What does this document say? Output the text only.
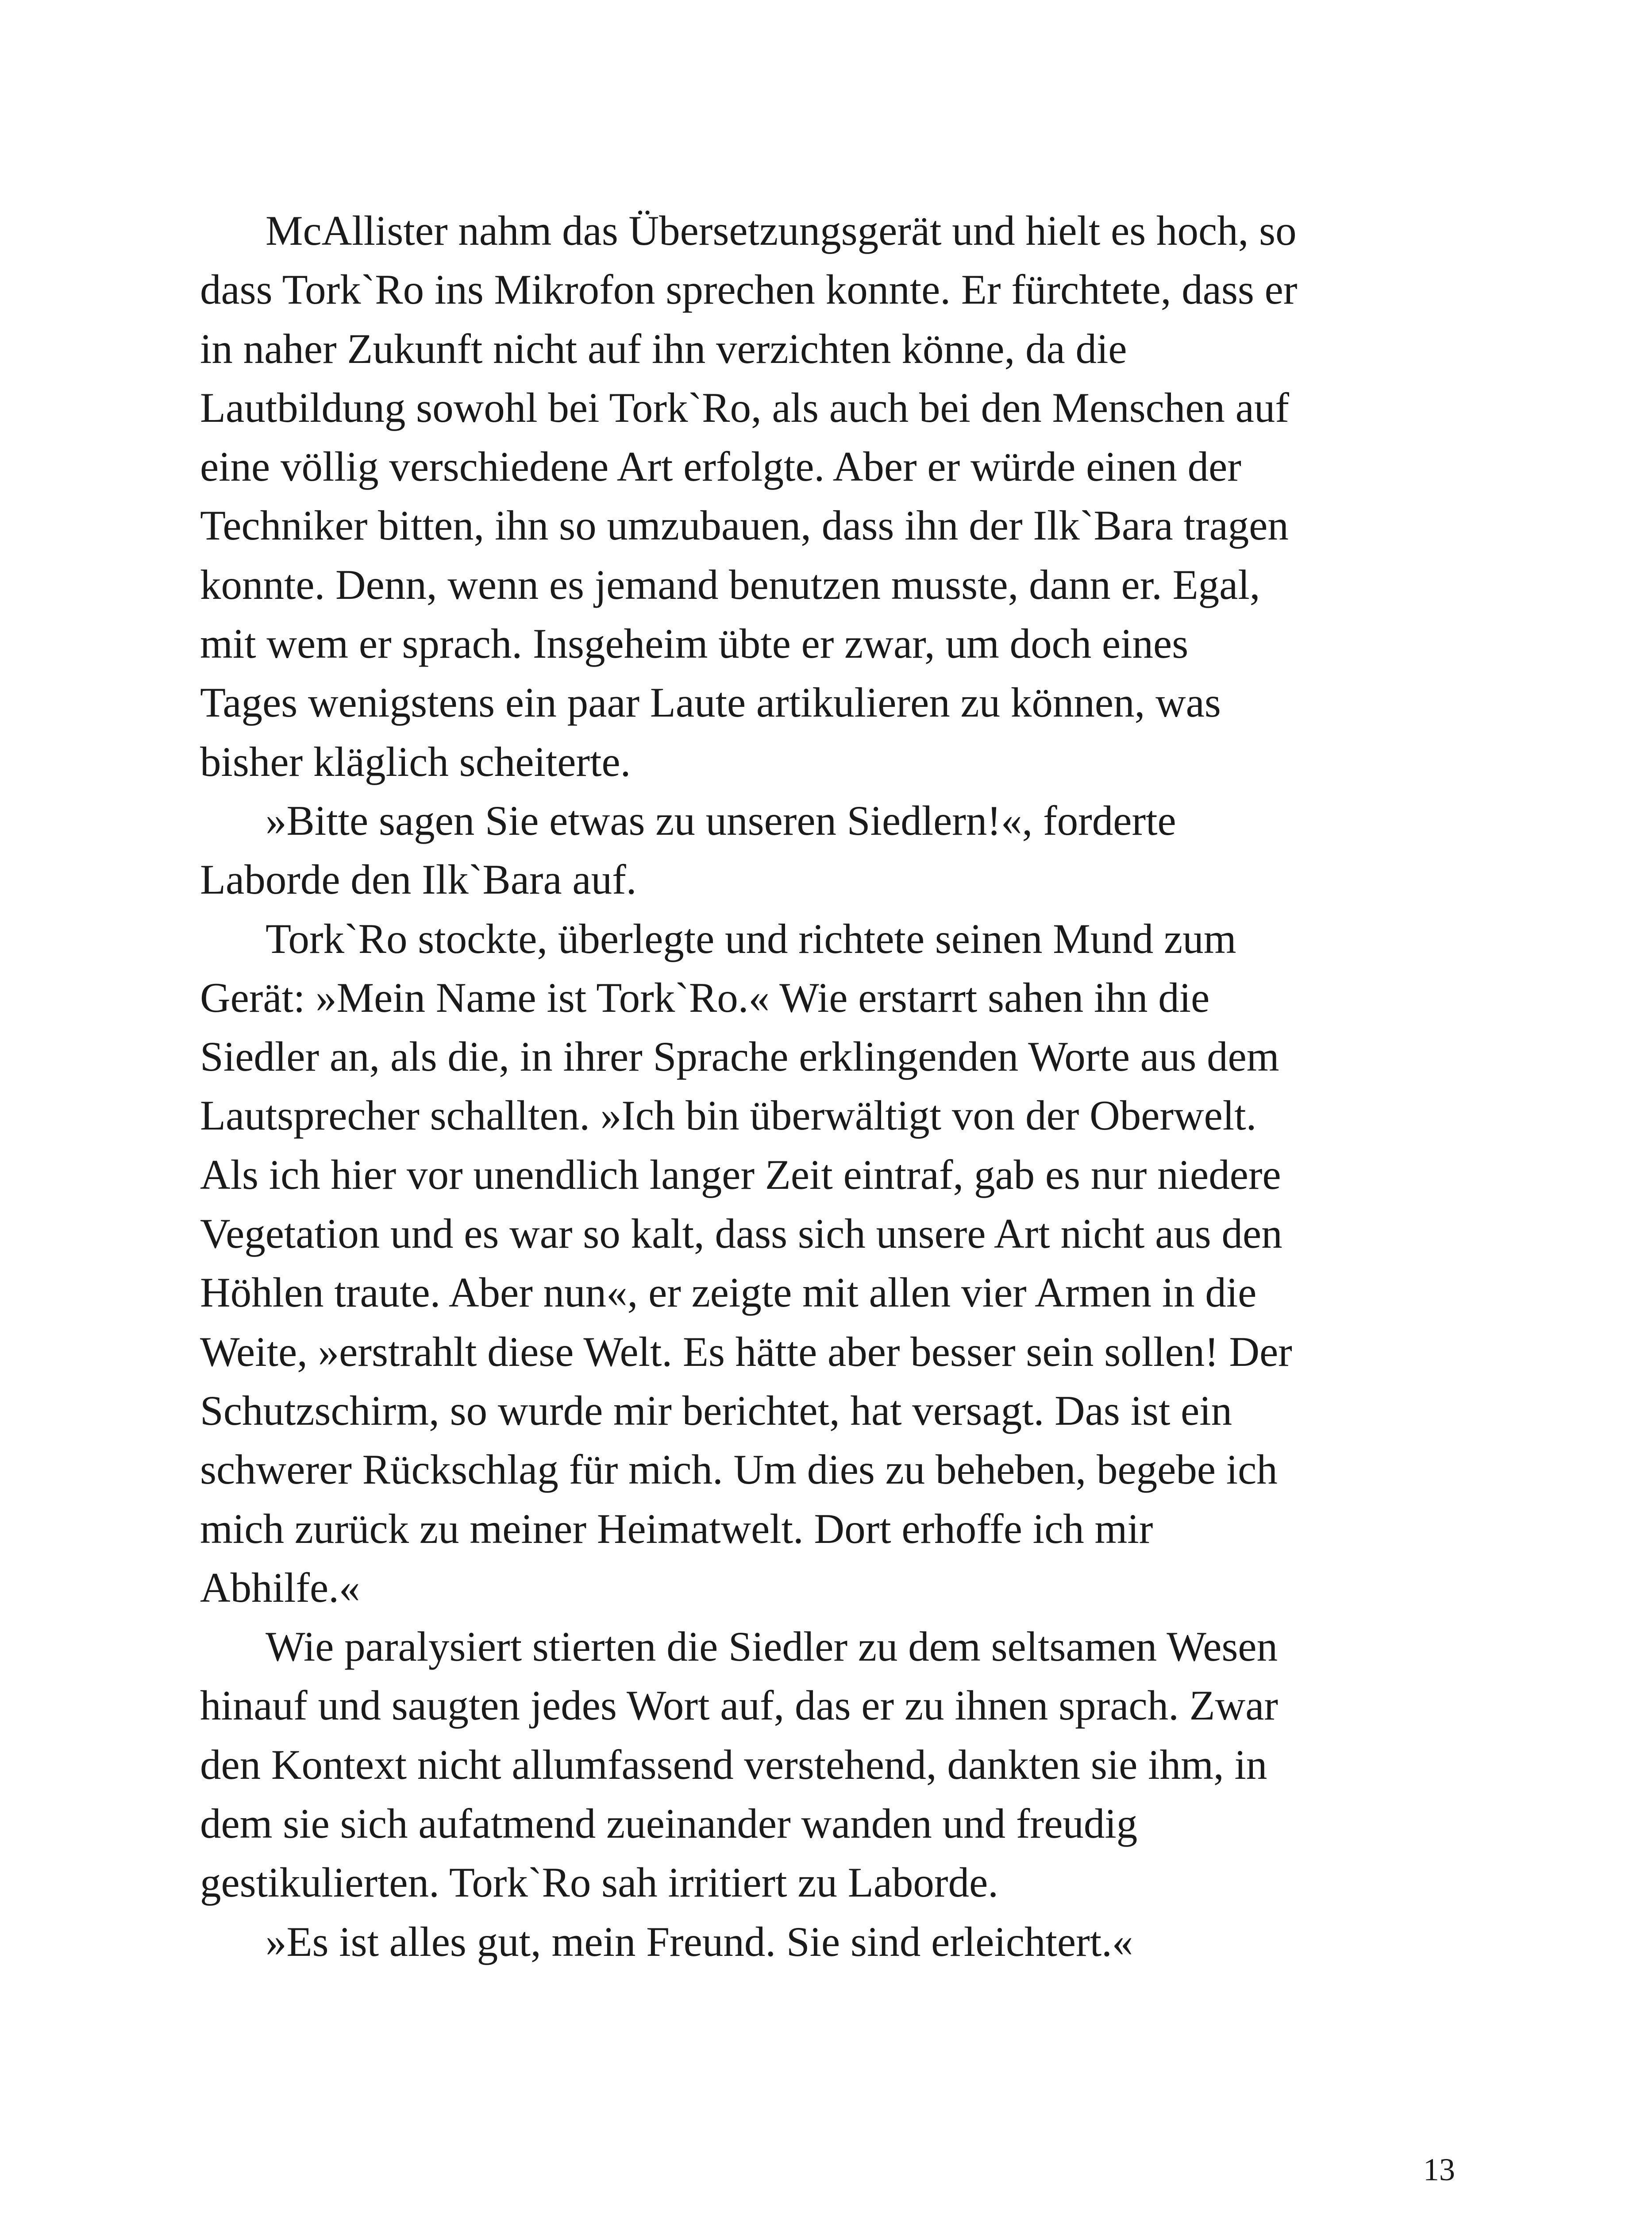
McAllister nahm das Übersetzungsgerät und hielt es hoch, so
dass Tork`Ro ins Mikrofon sprechen konnte. Er fürchtete, dass er
in naher Zukunft nicht auf ihn verzichten könne, da die
Lautbildung sowohl bei Tork`Ro, als auch bei den Menschen auf
eine völlig verschiedene Art erfolgte. Aber er würde einen der
Techniker bitten, ihn so umzubauen, dass ihn der Ilk`Bara tragen
konnte. Denn, wenn es jemand benutzen musste, dann er. Egal,
mit wem er sprach. Insgeheim übte er zwar, um doch eines
Tages wenigstens ein paar Laute artikulieren zu können, was
bisher kläglich scheiterte.
»Bitte sagen Sie etwas zu unseren Siedlern!«, forderte
Laborde den Ilk`Bara auf.
Tork`Ro stockte, überlegte und richtete seinen Mund zum
Gerät: »Mein Name ist Tork`Ro.« Wie erstarrt sahen ihn die
Siedler an, als die, in ihrer Sprache erklingenden Worte aus dem
Lautsprecher schallten. »Ich bin überwältigt von der Oberwelt.
Als ich hier vor unendlich langer Zeit eintraf, gab es nur niedere
Vegetation und es war so kalt, dass sich unsere Art nicht aus den
Höhlen traute. Aber nun«, er zeigte mit allen vier Armen in die
Weite, »erstrahlt diese Welt. Es hätte aber besser sein sollen! Der
Schutzschirm, so wurde mir berichtet, hat versagt. Das ist ein
schwerer Rückschlag für mich. Um dies zu beheben, begebe ich
mich zurück zu meiner Heimatwelt. Dort erhoffe ich mir
Abhilfe.«
Wie paralysiert stierten die Siedler zu dem seltsamen Wesen
hinauf und saugten jedes Wort auf, das er zu ihnen sprach. Zwar
den Kontext nicht allumfassend verstehend, dankten sie ihm, in
dem sie sich aufatmend zueinander wanden und freudig
gestikulierten. Tork`Ro sah irritiert zu Laborde.
»Es ist alles gut, mein Freund. Sie sind erleichtert.«
13
